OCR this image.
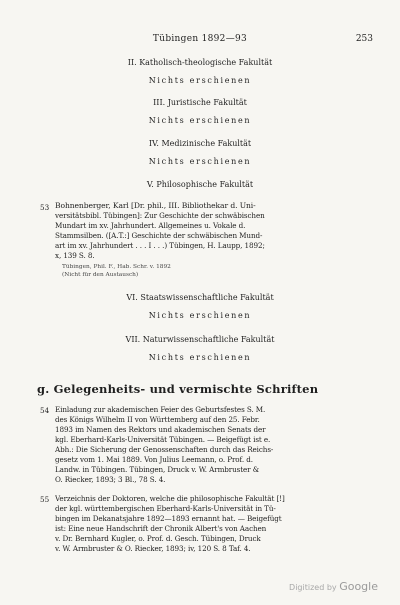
Tübingen 1892—93	253
II. Katholisch-theologische Fakultät
Nichts erschienen
III. Juristische Fakultät
Nichts erschienen
IV. Medizinische Fakultät
Nichts erschienen
V. Philosophische Fakultät
53 Bohnenberger, Karl [Dr. phil., III. Bibliothekar d. Uni-
versitätsbibl. Tübingen]: Zur Geschichte der schwäbischen
Mundart im xv. Jahrhundert. Allgemeines u. Vokale d.
Stammsilben. ([A.T.:] Geschichte der schwäbischen Mund-
art im xv. Jahrhundert . . . I . . .) Tübingen, H. Laupp, 1892;
x, 139 S. 8.
Tübingen, Phil. F., Hab. Schr. v. 1892
(Nicht für den Austausch)
VI. Staatswissenschaftliche Fakultät
Nichts erschienen
VII. Naturwissenschaftliche Fakultät
Nichts erschienen
g. Gelegenheits- und vermischte Schriften
54 Einladung zur akademischen Feier des Geburtsfestes S. M.
des Königs Wilhelm II von Württemberg auf den 25. Febr.
1893 im Namen des Rektors und akademischen Senats der
kgl. Eberhard-Karls-Universität Tübingen. — Beigefügt ist e.
Abh.: Die Sicherung der Genossenschaften durch das Reichs-
gesetz vom 1. Mai 1889. Von Julius Leemann, o. Prof. d.
Landw. in Tübingen. Tübingen, Druck v. W. Armbruster &
O. Riecker, 1893; 3 Bl., 78 S. 4.
55 Verzeichnis der Doktoren, welche die philosophische Fakultät [!]
der kgl. württembergischen Eberhard-Karls-Universität in Tü-
bingen im Dekanatsjahre 1892—1893 ernannt hat. — Beigefügt
ist: Eine neue Handschrift der Chronik Albert's von Aachen
v. Dr. Bernhard Kugler, o. Prof. d. Gesch. Tübingen, Druck
v. W. Armbruster & O. Riecker, 1893; iv, 120 S. 8 Taf. 4.
Digitized by Google
